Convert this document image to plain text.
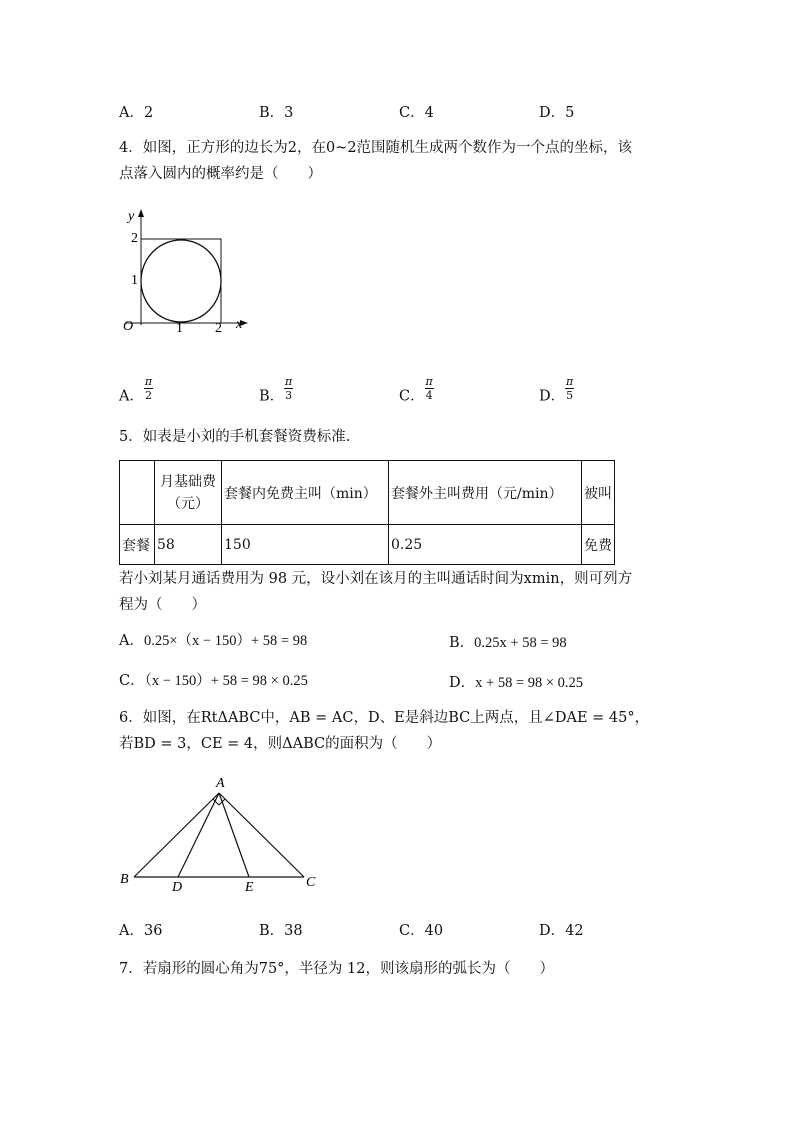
A．2	B．3	C．4	D．5
4．如图，正方形的边长为2，在0~2范围随机生成两个数作为一个点的坐标，该
点落入圆内的概率约是（　　）
y
2
1
O	1 2 x
A． $\frac{\pi}{2}$	B． $\frac{\pi}{3}$	C． $\frac{\pi}{4}$	D． $\frac{\pi}{5}$
5．如表是小刘的手机套餐资费标准.
	月基础费（元）	套餐内免费主叫（min）	套餐外主叫费用（元/min）	被叫
套餐	58	150	0.25	免费
若小刘某月通话费用为 98 元，设小刘在该月的主叫通话时间为xmin，则可列方
程为（　　）
A．0.25×（x − 150）+ 58 = 98	B．0.25x + 58 = 98
C．（x − 150）+ 58 = 98 × 0.25	D．x + 58 = 98 × 0.25
6．如图，在RtΔABC中，AB = AC，D、E是斜边BC上两点，且∠DAE = 45°，
若BD = 3，CE = 4，则ΔABC的面积为（　　）
A
B
D	E	C
A．36	B．38	C．40	D．42
7．若扇形的圆心角为75°，半径为 12，则该扇形的弧长为（　　）
